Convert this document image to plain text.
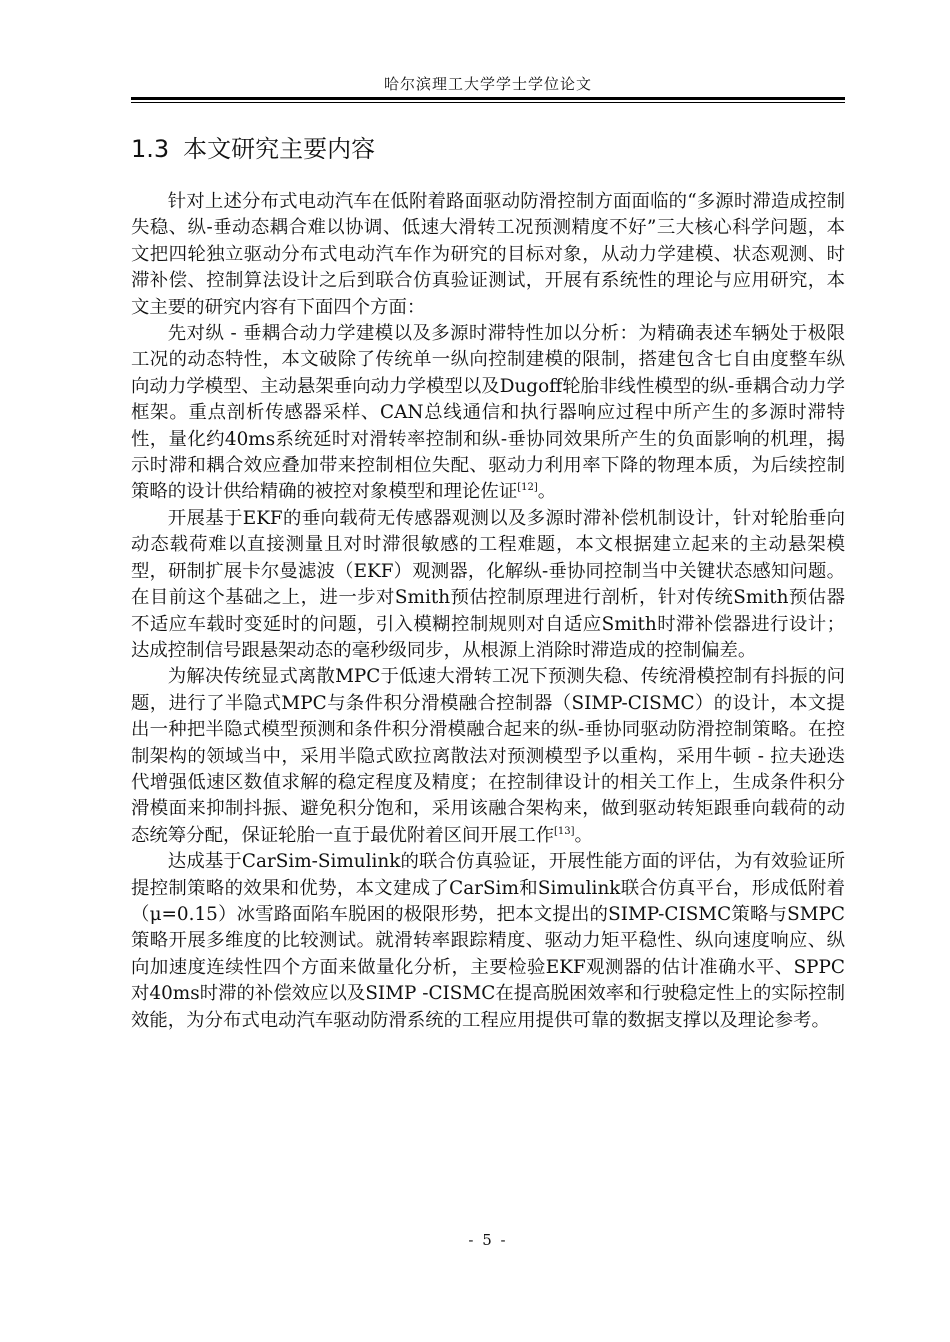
哈尔滨理工大学学士学位论文
1.3 本文研究主要内容

针对上述分布式电动汽车在低附着路面驱动防滑控制方面面临的“多源时滞造成控制失稳、纵-垂动态耦合难以协调、低速大滑转工况预测精度不好”三大核心科学问题，本文把四轮独立驱动分布式电动汽车作为研究的目标对象，从动力学建模、状态观测、时滞补偿、控制算法设计之后到联合仿真验证测试，开展有系统性的理论与应用研究，本文主要的研究内容有下面四个方面：

先对纵 - 垂耦合动力学建模以及多源时滞特性加以分析：为精确表述车辆处于极限工况的动态特性，本文破除了传统单一纵向控制建模的限制，搭建包含七自由度整车纵向动力学模型、主动悬架垂向动力学模型以及Dugoff轮胎非线性模型的纵-垂耦合动力学框架。重点剖析传感器采样、CAN总线通信和执行器响应过程中所产生的多源时滞特性，量化约40ms系统延时对滑转率控制和纵-垂协同效果所产生的负面影响的机理，揭示时滞和耦合效应叠加带来控制相位失配、驱动力利用率下降的物理本质，为后续控制策略的设计供给精确的被控对象模型和理论佐证[12]。

开展基于EKF的垂向载荷无传感器观测以及多源时滞补偿机制设计，针对轮胎垂向动态载荷难以直接测量且对时滞很敏感的工程难题，本文根据建立起来的主动悬架模型，研制扩展卡尔曼滤波（EKF）观测器，化解纵-垂协同控制当中关键状态感知问题。在目前这个基础之上，进一步对Smith预估控制原理进行剖析，针对传统Smith预估器不适应车载时变延时的问题，引入模糊控制规则对自适应Smith时滞补偿器进行设计；达成控制信号跟悬架动态的毫秒级同步，从根源上消除时滞造成的控制偏差。

为解决传统显式离散MPC于低速大滑转工况下预测失稳、传统滑模控制有抖振的问题，进行了半隐式MPC与条件积分滑模融合控制器（SIMP-CISMC）的设计，本文提出一种把半隐式模型预测和条件积分滑模融合起来的纵-垂协同驱动防滑控制策略。在控制架构的领域当中，采用半隐式欧拉离散法对预测模型予以重构，采用牛顿 - 拉夫逊迭代增强低速区数值求解的稳定程度及精度；在控制律设计的相关工作上，生成条件积分滑模面来抑制抖振、避免积分饱和，采用该融合架构来，做到驱动转矩跟垂向载荷的动态统筹分配，保证轮胎一直于最优附着区间开展工作[13]。

达成基于CarSim-Simulink的联合仿真验证，开展性能方面的评估，为有效验证所提控制策略的效果和优势，本文建成了CarSim和Simulink联合仿真平台，形成低附着（μ=0.15）冰雪路面陷车脱困的极限形势，把本文提出的SIMP-CISMC策略与SMPC策略开展多维度的比较测试。就滑转率跟踪精度、驱动力矩平稳性、纵向速度响应、纵向加速度连续性四个方面来做量化分析，主要检验EKF观测器的估计准确水平、SPPC对40ms时滞的补偿效应以及SIMP -CISMC在提高脱困效率和行驶稳定性上的实际控制效能，为分布式电动汽车驱动防滑系统的工程应用提供可靠的数据支撑以及理论参考。

- 5 -
